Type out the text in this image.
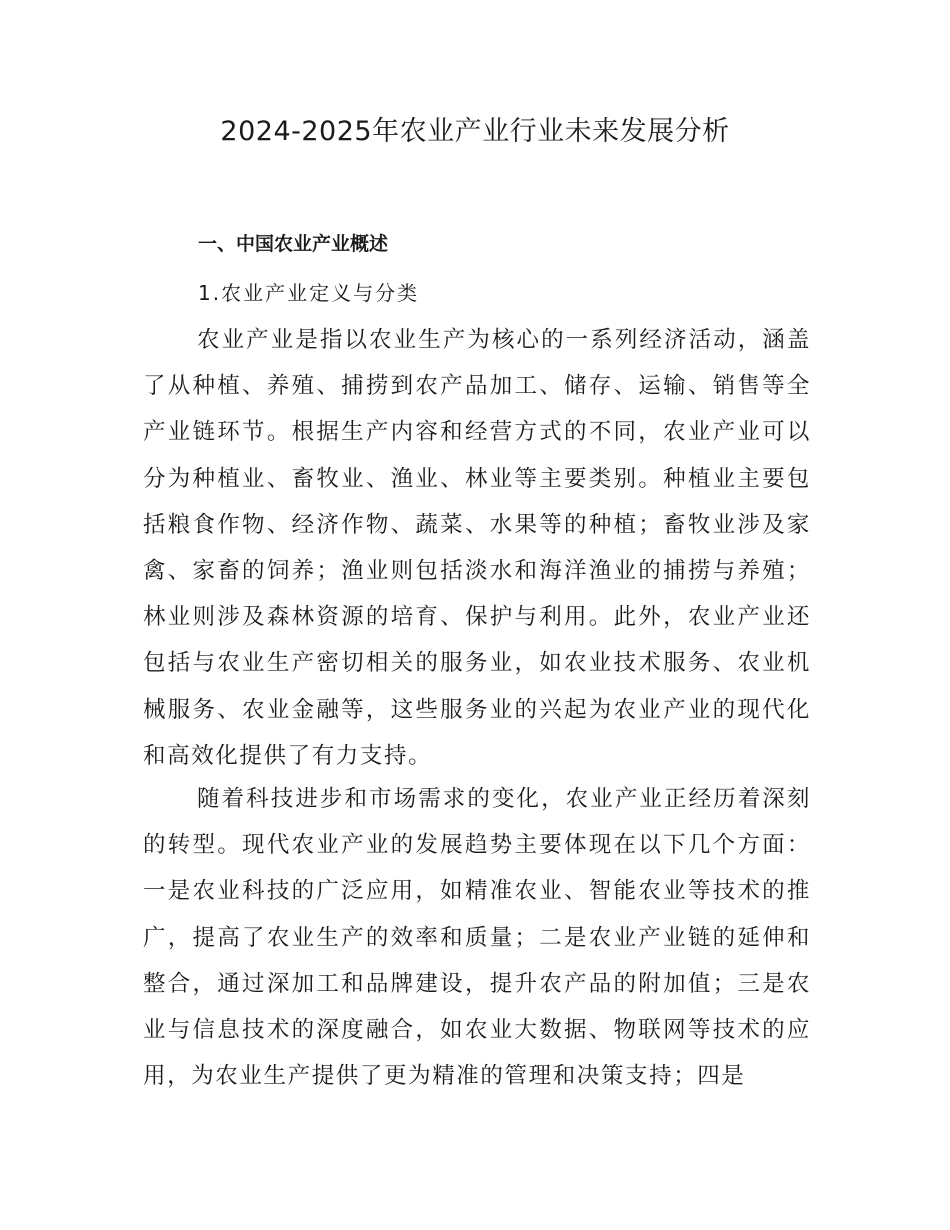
2024-2025年农业产业行业未来发展分析
一、中国农业产业概述
1.农业产业定义与分类

农业产业是指以农业生产为核心的一系列经济活动，涵盖了从种植、养殖、捕捞到农产品加工、储存、运输、销售等全产业链环节。根据生产内容和经营方式的不同，农业产业可以分为种植业、畜牧业、渔业、林业等主要类别。种植业主要包括粮食作物、经济作物、蔬菜、水果等的种植；畜牧业涉及家禽、家畜的饲养；渔业则包括淡水和海洋渔业的捕捞与养殖；林业则涉及森林资源的培育、保护与利用。此外，农业产业还包括与农业生产密切相关的服务业，如农业技术服务、农业机械服务、农业金融等，这些服务业的兴起为农业产业的现代化和高效化提供了有力支持。

随着科技进步和市场需求的变化，农业产业正经历着深刻的转型。现代农业产业的发展趋势主要体现在以下几个方面：一是农业科技的广泛应用，如精准农业、智能农业等技术的推广，提高了农业生产的效率和质量；二是农业产业链的延伸和整合，通过深加工和品牌建设，提升农产品的附加值；三是农业与信息技术的深度融合，如农业大数据、物联网等技术的应用，为农业生产提供了更为精准的管理和决策支持；四是
